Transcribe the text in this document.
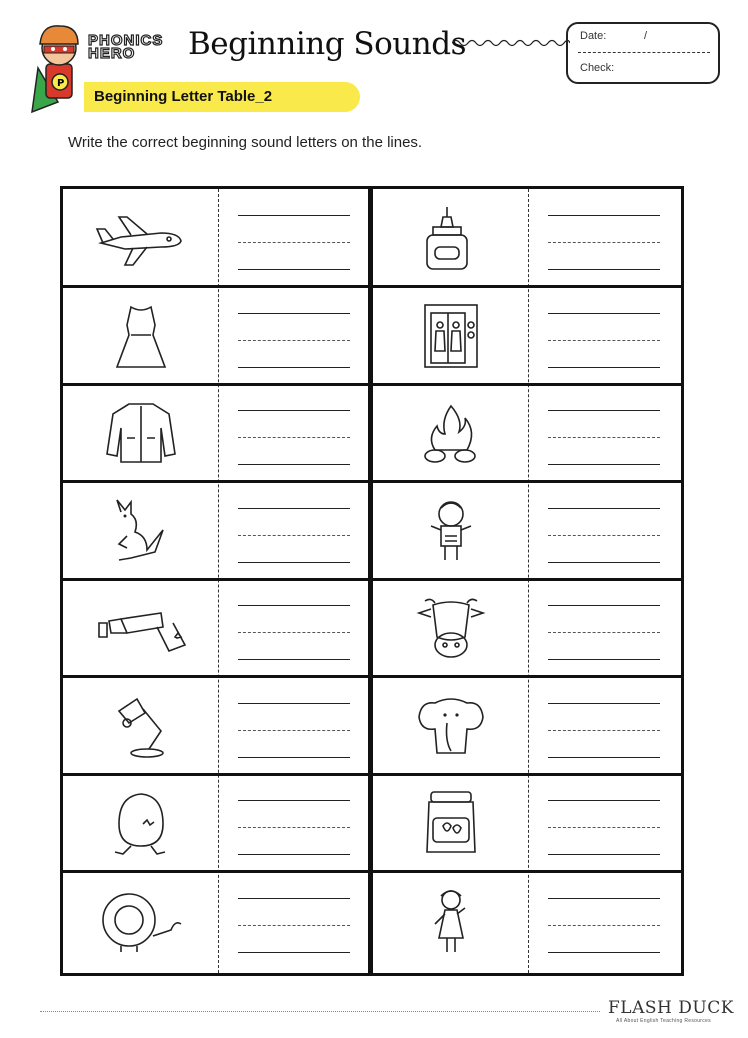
P
PHONICS
HERO	Beginning Sounds	Date:	/
Check:
Beginning Letter Table_2
Write the correct beginning sound letters on the lines.
FLASH DUCK
All About English Teaching Resources
